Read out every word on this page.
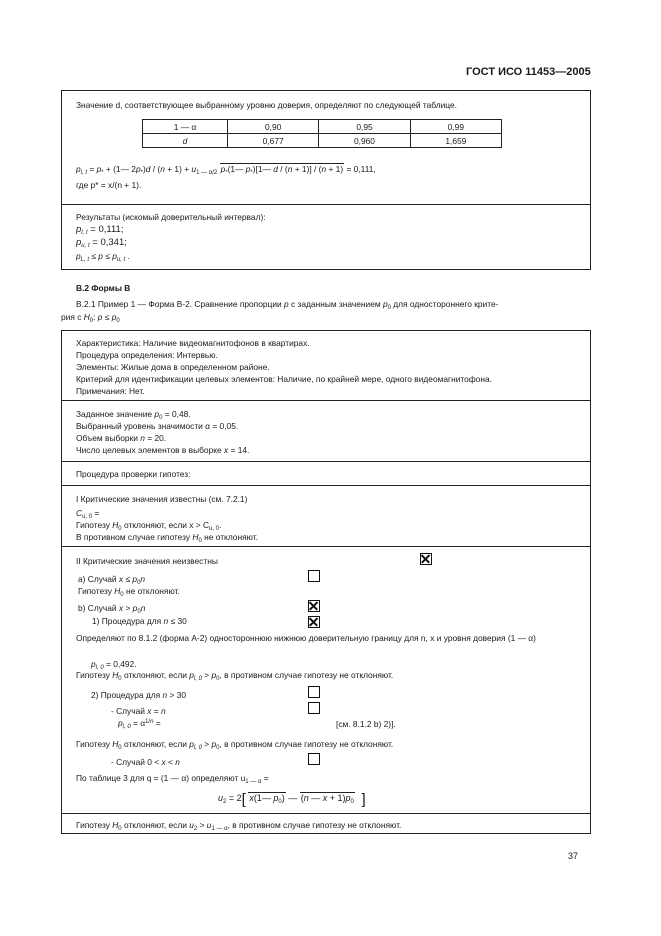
ГОСТ ИСО 11453—2005
Значение d, соответствующее выбранному уровню доверия, определяют по следующей таблице.
1 — α	0,90	0,95	0,99
d	0,677	0,960	1,659
$p_{l, t} = p_*$ + (1— $2p_*)d / (n + 1) + u_{1 — \alpha/2}$ $p_*(1—$ $p_*)[1—$ d / (n + 1)] / (n + 1) = 0,111,
где p* = x/(n + 1).
Результаты (искомый доверительный интервал):
$p_{l, t} = 0,111$;
$p_{u, t} = 0,341$;
$p_{L, t} \le p \le p_{u, t}$ .
В.2 Формы В
В.2.1 Пример 1 — Форма В-2. Сравнение пропорции p с заданным значением $p_0$ для одностороннего крите-
рия с $H_0$: $p \le p_0$
Характеристика: Наличие видеомагнитофонов в квартирах.
Процедура определения: Интервью.
Элементы: Жилые дома в определенном районе.
Критерий для идентификации целевых элементов: Наличие, по крайней мере, одного видеомагнитофона.
Примечания: Нет.
Заданное значение $p_0 = 0,48$.
Выбранный уровень значимости α = 0,05.
Объем выборки n = 20.
Число целевых элементов в выборке x = 14.
Процедура проверки гипотез:
I Критические значения известны (см. 7.2.1)
$C_{u, 0}$ =
Гипотезу $H_0$ отклоняют, если $x > C_{u, 0}$.
В противном случае гипотезу $H_0$ не отклоняют.
II Критические значения неизвестны
a) Случай $x \le p_0n$
Гипотезу $H_0$ не отклоняют.
b) Случай $x > p_0n$
1) Процедура для n ≤ 30
Определяют по 8.1.2 (форма А-2) одностороннюю нижнюю доверительную границу для n, x и уровня доверия (1 — α)
$p_{l, 0} = 0,492$.
Гипотезу $H_0$ отклоняют, если $p_{l, 0} > p_0$, в противном случае гипотезу не отклоняют.
2) Процедура для n > 30
- Случай x = n
$p_{l, 0} = \alpha^{1/n}$ =	[см. 8.1.2 b) 2)].
Гипотезу $H_0$ отклоняют, если $p_{l, 0} > p_0$, в противном случае гипотезу не отклоняют.
- Случай 0 < x < n
По таблице 3 для q = (1 — α) определяют $u_{1 — \alpha}$ =
$u_2 = 2$[ x(1— $p_0$) — (n — $x + 1)p_0$  ]
Гипотезу $H_0$ отклоняют, если $u_2 > u_{1 — \alpha}$, в противном случае гипотезу не отклоняют.
37
